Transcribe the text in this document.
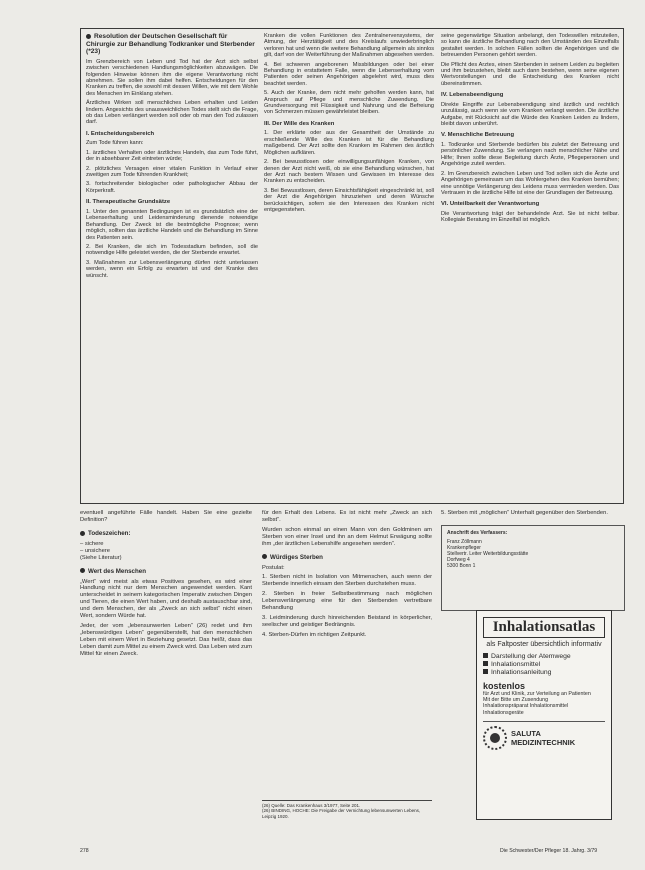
Resolution der Deutschen Gesellschaft für Chirurgie zur Behandlung Todkranker und Sterbender (*23)

Im Grenzbereich von Leben und Tod hat der Arzt sich selbst zwischen verschiedenen Handlungsmöglichkeiten abzuwägen. Die folgenden Hinweise können ihm die eigene Verantwortung nicht abnehmen. Sie sollen ihm dabei helfen. Entscheidungen für den Kranken zu treffen, die sowohl mit dessen Willen, wie mit dem Wohle des Menschen im Einklang stehen.

Ärztliches Wirken soll menschliches Leben erhalten und Leiden lindern. Angesichts des unausweichlichen Todes stellt sich die Frage, ob das Leben verlängert werden soll oder ob man den Tod zulassen darf.

I. Entscheidungsbereich

Zum Tode führen kann:

1. ärztliches Verhalten oder ärztliches Handeln, das zum Tode führt, der in absehbarer Zeit eintreten würde;

2. plötzliches Versagen einer vitalen Funktion in Verlauf einer zweitigen zum Tode führenden Krankheit;

3. fortschreitender biologischer oder pathologischer Abbau der Körperkraft.

II. Therapeutische Grundsätze

1. Unter den genannten Bedingungen ist es grundsätzlich eine der Lebenserhaltung und Leidensminderung dienende notwendige Behandlung. Der Zweck ist die bestmögliche Prognose; wenn möglich, sollten das ärztliche Handeln und die Behandlung im Sinne des Patienten sein.

2. Bei Kranken, die sich im Todesstadium befinden, soll die notwendige Hilfe geleistet werden, die der Sterbende erwartet.

3. Maßnahmen zur Lebensverlängerung dürfen nicht unterlassen werden, wenn ein Erfolg zu erwarten ist und der Kranke dies wünscht.

Kranken die vollen Funktionen des Zentralnervensystems, der Atmung, der Herztätigkeit und des Kreislaufs unwiederbringlich verloren hat und wenn die weitere Behandlung allgemein als sinnlos gilt, darf von der Weiterführung der Maßnahmen abgesehen werden.

4. Bei schweren angeborenen Missbildungen oder bei einer Behandlung in erstattetem Falle, wenn die Lebenserhaltung vom Patienten oder seinen Angehörigen abgelehnt wird, muss dies beachtet werden.

5. Auch der Kranke, dem nicht mehr geholfen werden kann, hat Anspruch auf Pflege und menschliche Zuwendung. Die Grundversorgung mit Flüssigkeit und Nahrung und die Befreiung von Schmerzen müssen gewährleistet bleiben.

III. Der Wille des Kranken

1. Der erklärte oder aus der Gesamtheit der Umstände zu erschließende Wille des Kranken ist für die Behandlung maßgebend. Der Arzt sollte den Kranken im Rahmen des ärztlich Möglichen aufklären.

2. Bei bewusstlosen oder einwilligungsunfähigen Kranken, von denen der Arzt nicht weiß, ob sie eine Behandlung wünschen, hat der Arzt nach bestem Wissen und Gewissen im Interesse des Kranken zu entscheiden.

3. Bei Bewusstlosen, deren Einsichtsfähigkeit eingeschränkt ist, soll der Arzt die Angehörigen hinzuziehen und deren Wünsche berücksichtigen, sofern sie den Interessen des Kranken nicht entgegenstehen.

seine gegenwärtige Situation anbelangt, den Todeswillen mitzuteilen, so kann die ärztliche Behandlung nach den Umständen des Einzelfalls gestaltet werden. In solchen Fällen sollten die Angehörigen und die betreuenden Personen gehört werden.

Die Pflicht des Arztes, einen Sterbenden in seinem Leiden zu begleiten und ihm beizustehen, bleibt auch dann bestehen, wenn seine eigenen Wertvorstellungen und die Entscheidung des Kranken nicht übereinstimmen.

IV. Lebensbeendigung

Direkte Eingriffe zur Lebensbeendigung sind ärztlich und rechtlich unzulässig, auch wenn sie vom Kranken verlangt werden. Die ärztliche Aufgabe, mit Rücksicht auf die Würde des Kranken Leiden zu lindern, bleibt davon unberührt.

V. Menschliche Betreuung

1. Todkranke und Sterbende bedürfen bis zuletzt der Betreuung und persönlicher Zuwendung. Sie verlangen nach menschlicher Nähe und Hilfe; Ihnen sollte diese Begleitung durch Ärzte, Pflegepersonen und Angehörige zuteil werden.

2. Im Grenzbereich zwischen Leben und Tod sollen sich die Ärzte und Angehörigen gemeinsam um das Wohlergehen des Kranken bemühen; eine unnötige Verlängerung des Leidens muss vermieden werden. Das Vertrauen in die ärztliche Hilfe ist eine der Grundlagen der Betreuung.

VI. Unteilbarkeit der Verantwortung

Die Verantwortung trägt der behandelnde Arzt. Sie ist nicht teilbar. Kollegiale Beratung im Einzelfall ist möglich.

eventuell angeführte Fälle handelt. Haben Sie eine gezielte Definition?

Todeszeichen:

– sichere

– unsichere

(Siehe Literatur)

Wert des Menschen

„Wert“ wird meist als etwas Positives gesehen, es wird einer Handlung nicht nur dem Menschen angewendet werden. Kant unterscheidet in seinem kategorischen Imperativ zwischen Dingen und Tieren, die einen Wert haben, und deshalb austauschbar sind, und dem Menschen, der als „Zweck an sich selbst“ nicht einen Wert, sondern Würde hat.

Jeder, der vom „lebensunwerten Leben“ (26) redet und ihm „lebenswürdiges Leben“ gegenüberstellt, hat den menschlichen Leben mit einem Wert in Beziehung gesetzt. Das heißt, dass das Leben damit zum Mittel zu einem Zweck wird. Das Leben wird zum Mittel für einen Zweck.

für den Erhalt des Lebens. Es ist nicht mehr „Zweck an sich selbst“.

Wurden schon einmal an einen Mann von den Goldminen am Sterben von einer Insel und ihn an dem Helmut Erwägung sollte ihm „der ärztlichen Lebenshilfe angesehen werden“.

Würdiges Sterben

Postulat:

1. Sterben nicht in Isolation von Mitmenschen, auch wenn der Sterbende innerlich einsam den Sterben durchstehen muss.

2. Sterben in freier Selbstbestimmung nach möglichen Lebensverlängerung eine für den Sterbenden vertretbare Behandlung

3. Leidminderung durch hinreichenden Beistand in körperlicher, seelischer und geistiger Bedrängnis.

4. Sterben-Dürfen im richtigen Zeitpunkt.

(26) Quelle: Das Krankenhaus 3/1977, Seite 201.
(26) BINDING, HOCHE: Die Freigabe der Vernichtung lebensunwerten Lebens, Leipzig 1920.

5. Sterben mit „möglichen“ Unterhalt gegenüber den Sterbenden.

Anschrift des Verfassers:
Franz Zöllmann
Krankenpfleger
Stellvertr. Leiter Weiterbildungsstätte
Dorfweg 4
5300 Bonn 1
Inhalationsatlas
als Faltposter übersichtlich informativ
Darstellung der Atemwege
Inhalationsmittel
Inhalationsanleitung
kostenlos
für Arzt und Klinik, zur Verteilung an Patienten
Mit der Bitte um Zusendung
Inhalationspräparat Inhalationsmittel
Inhalationsgeräte
SALUTA MEDIZINTECHNIK
278	Die Schwester/Der Pfleger 18. Jahrg. 3/79
